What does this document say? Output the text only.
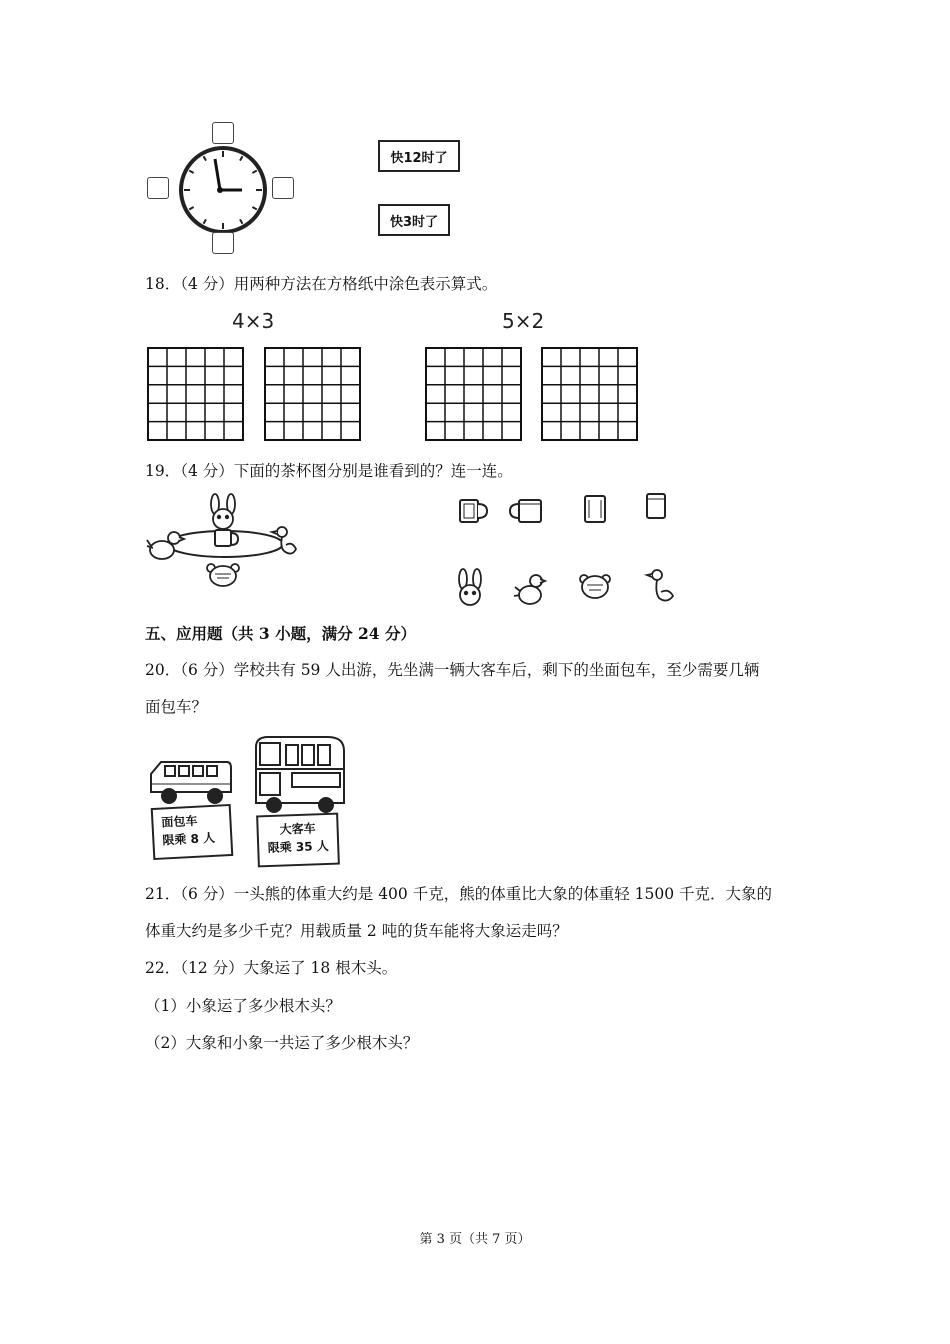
快12时了
快3时了
18．（4 分）用两种方法在方格纸中涂色表示算式。
4×3	5×2
19．（4 分）下面的茶杯图分别是谁看到的？连一连。
五、应用题（共 3 小题，满分 24 分）
20．（6 分）学校共有 59 人出游，先坐满一辆大客车后，剩下的坐面包车，至少需要几辆
面包车？
面包车
限乘 8 人
大客车
限乘 35 人
21．（6 分）一头熊的体重大约是 400 千克，熊的体重比大象的体重轻 1500 千克．大象的
体重大约是多少千克？用载质量 2 吨的货车能将大象运走吗？
22．（12 分）大象运了 18 根木头。
（1）小象运了多少根木头？
（2）大象和小象一共运了多少根木头？
第 3 页（共 7 页）
